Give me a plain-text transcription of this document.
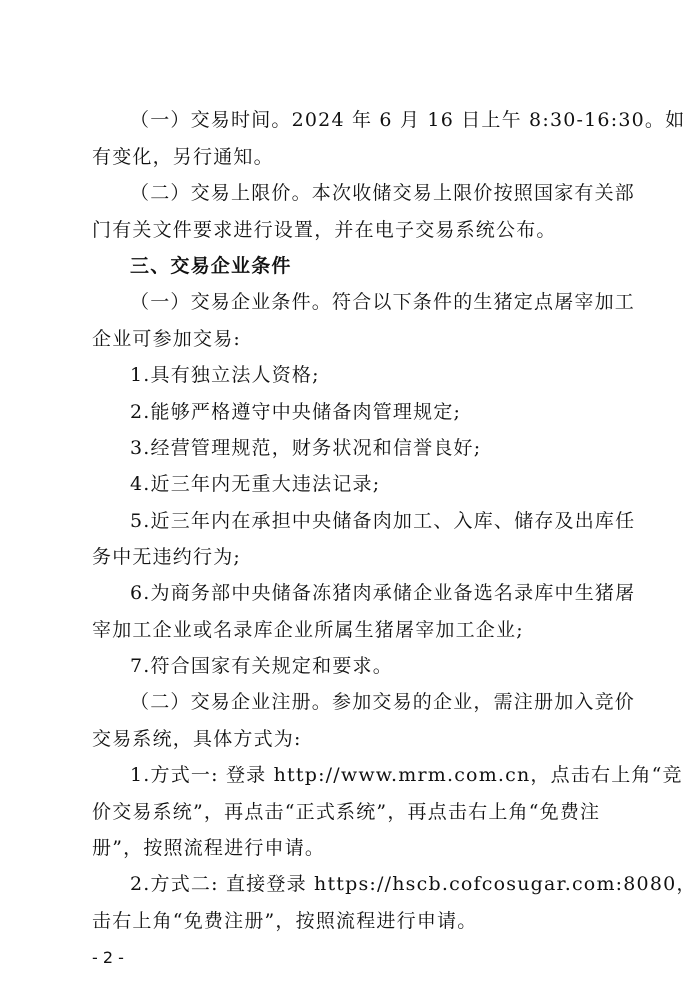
（一）交易时间。2024 年 6 月 16 日上午 8:30-16:30。如
有变化，另行通知。
（二）交易上限价。本次收储交易上限价按照国家有关部
门有关文件要求进行设置，并在电子交易系统公布。
三、交易企业条件
（一）交易企业条件。符合以下条件的生猪定点屠宰加工
企业可参加交易:
1.具有独立法人资格;
2.能够严格遵守中央储备肉管理规定;
3.经营管理规范，财务状况和信誉良好;
4.近三年内无重大违法记录;
5.近三年内在承担中央储备肉加工、入库、储存及出库任
务中无违约行为;
6.为商务部中央储备冻猪肉承储企业备选名录库中生猪屠
宰加工企业或名录库企业所属生猪屠宰加工企业;
7.符合国家有关规定和要求。
（二）交易企业注册。参加交易的企业，需注册加入竞价
交易系统，具体方式为:
1.方式一: 登录 http://www.mrm.com.cn，点击右上角“竞
价交易系统”，再点击“正式系统”，再点击右上角“免费注
册”，按照流程进行申请。
2.方式二: 直接登录 https://hscb.cofcosugar.com:8080，
击右上角“免费注册”，按照流程进行申请。
- 2 -
